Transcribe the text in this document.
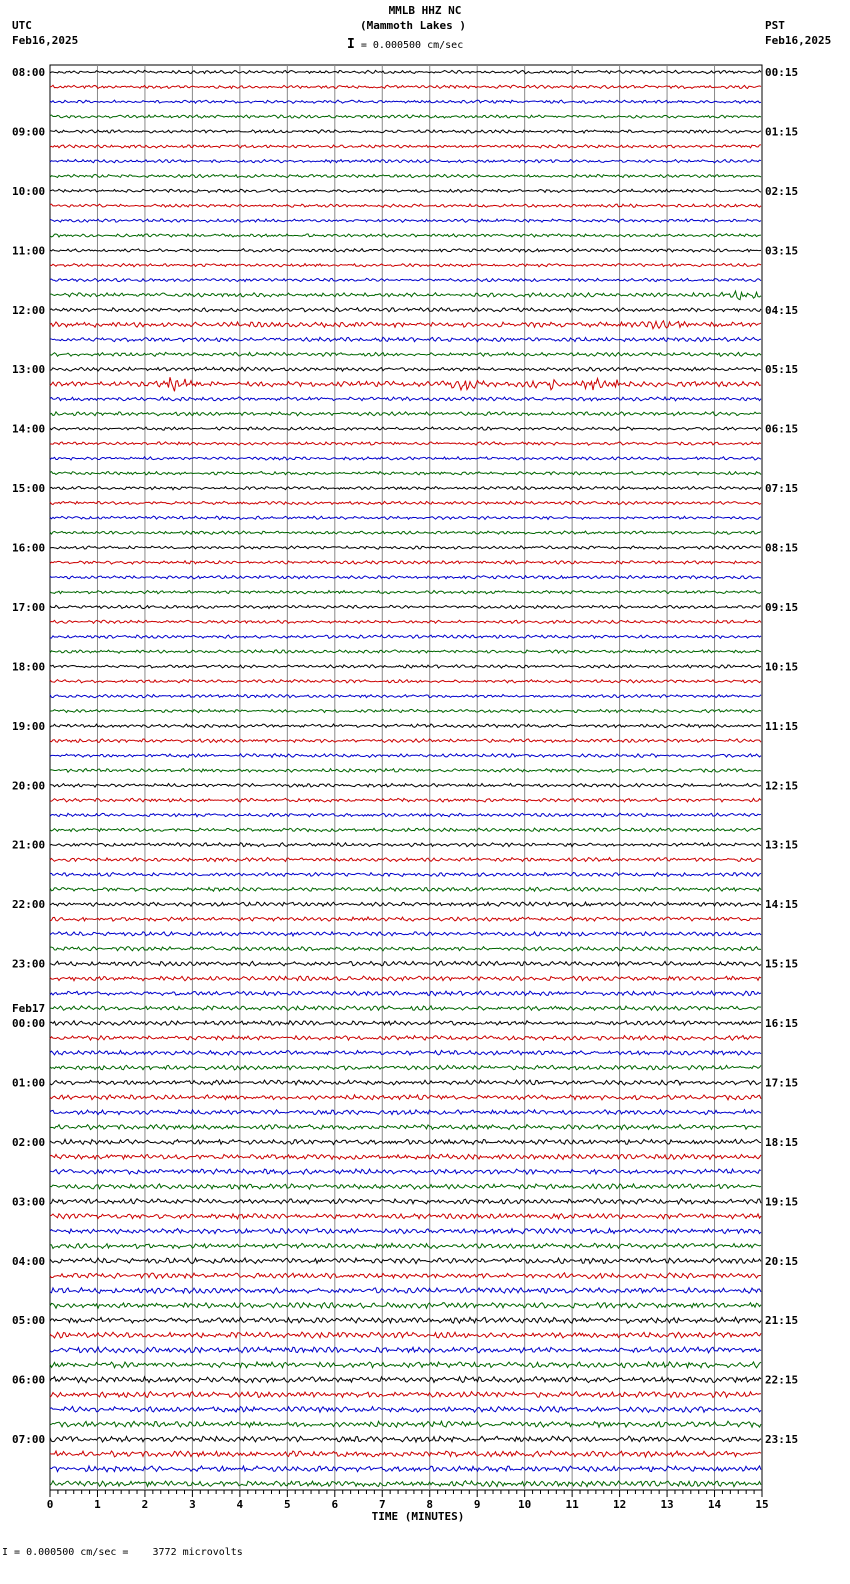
MMLB HHZ NC
(Mammoth Lakes )
UTC
Feb16,2025
PST
Feb16,2025
I = 0.000500 cm/sec
08:00
09:00
10:00
11:00
12:00
13:00
14:00
15:00
16:00
17:00
18:00
19:00
20:00
21:00
22:00
23:00
00:00
01:00
02:00
03:00
04:00
05:00
06:00
07:00
Feb17
00:15
01:15
02:15
03:15
04:15
05:15
06:15
07:15
08:15
09:15
10:15
11:15
12:15
13:15
14:15
15:15
16:15
17:15
18:15
19:15
20:15
21:15
22:15
23:15
0	1	2	3	4	5	6	7	8	9	10	11	12	13	14	15
TIME (MINUTES)
I = 0.000500 cm/sec =    3772 microvolts
